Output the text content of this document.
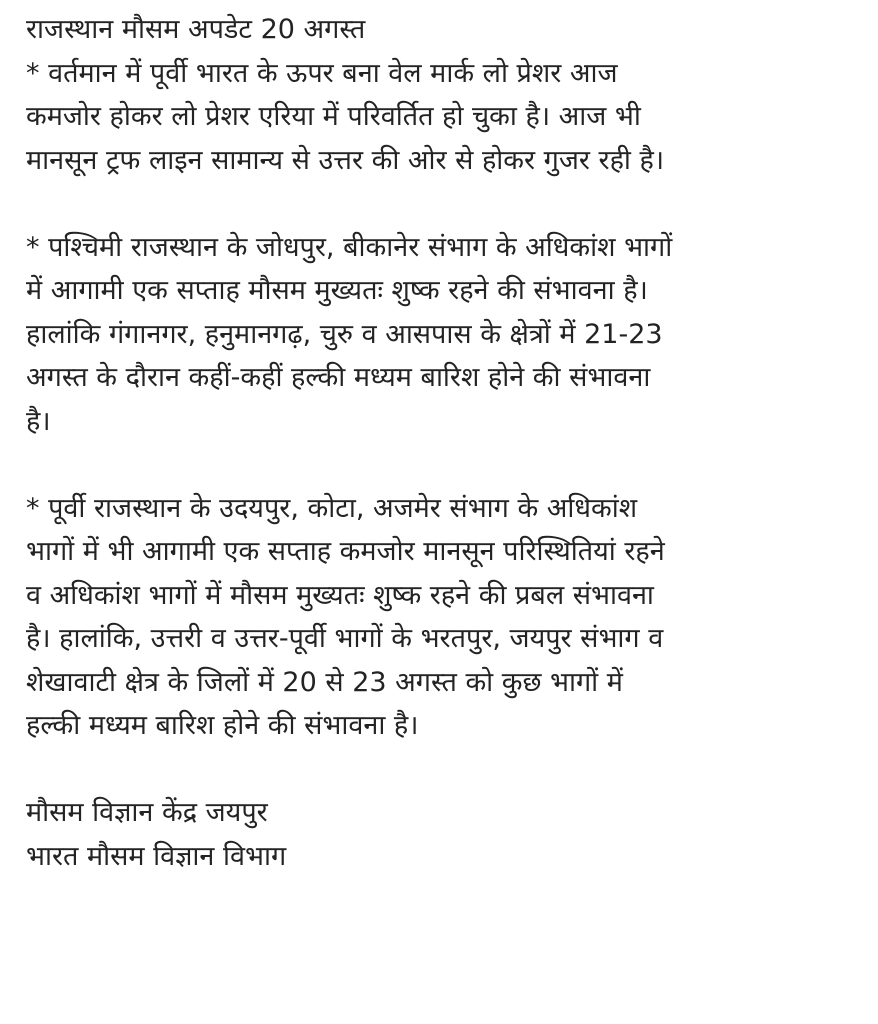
राजस्थान मौसम अपडेट 20 अगस्त
* वर्तमान में पूर्वी भारत के ऊपर बना वेल मार्क लो प्रेशर आज
कमजोर होकर लो प्रेशर एरिया में परिवर्तित हो चुका है। आज भी
मानसून ट्रफ लाइन सामान्य से उत्तर की ओर से होकर गुजर रही है।
* पश्चिमी राजस्थान के जोधपुर, बीकानेर संभाग के अधिकांश भागों
में आगामी एक सप्ताह मौसम मुख्यतः शुष्क रहने की संभावना है।
हालांकि गंगानगर, हनुमानगढ़, चुरु व आसपास के क्षेत्रों में 21-23
अगस्त के दौरान कहीं-कहीं हल्की मध्यम बारिश होने की संभावना
है।
* पूर्वी राजस्थान के उदयपुर, कोटा, अजमेर संभाग के अधिकांश
भागों में भी आगामी एक सप्ताह कमजोर मानसून परिस्थितियां रहने
व अधिकांश भागों में मौसम मुख्यतः शुष्क रहने की प्रबल संभावना
है। हालांकि, उत्तरी व उत्तर-पूर्वी भागों के भरतपुर, जयपुर संभाग व
शेखावाटी क्षेत्र के जिलों में 20 से 23 अगस्त को कुछ भागों में
हल्की मध्यम बारिश होने की संभावना है।
मौसम विज्ञान केंद्र जयपुर
भारत मौसम विज्ञान विभाग
